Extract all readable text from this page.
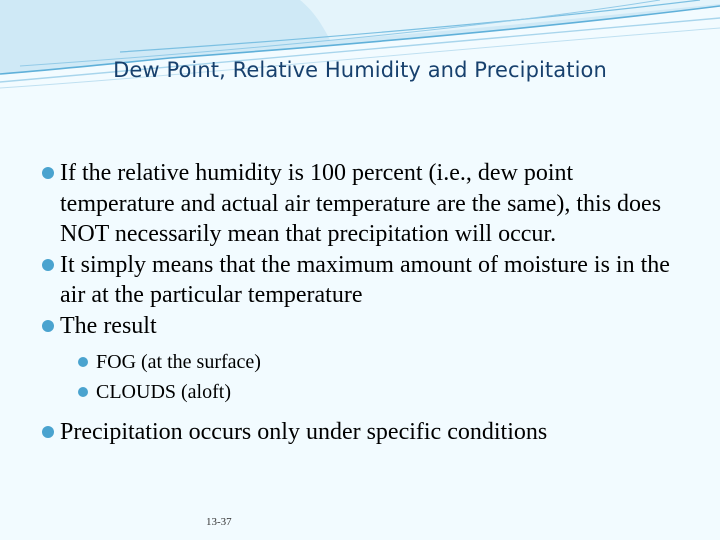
Dew Point, Relative Humidity and Precipitation
If the relative humidity is 100 percent (i.e., dew point temperature and actual air temperature are the same), this does NOT necessarily mean that precipitation will occur.
It simply means that the maximum amount of moisture is in the air at the particular temperature
The result
FOG (at the surface)
CLOUDS (aloft)
Precipitation occurs only under specific conditions
13-37
